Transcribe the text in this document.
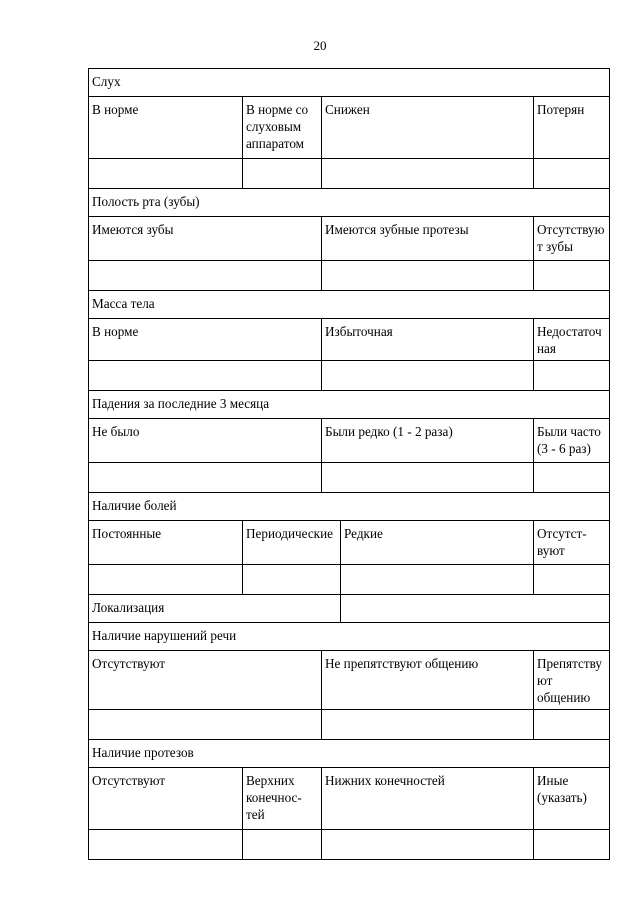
20
Слух				
В норме	В норме со слуховым аппаратом	Снижен		Потерян

Полость рта (зубы)				
Имеются зубы		Имеются зубные протезы		Отсутствуют зубы

Масса тела				
В норме		Избыточная		Недостаточная

Падения за последние 3 месяца				
Не было		Были редко (1 - 2 раза)		Были часто (3 - 6 раз)

Наличие болей				
Постоянные	Периодические		Редкие	Отсутст-вуют

Локализация				
Наличие нарушений речи				
Отсутствуют		Не препятствуют общению		Препятствуют общению

Наличие протезов				
Отсутствуют	Верхних конечнос-тей	Нижних конечностей		Иные (указать)
